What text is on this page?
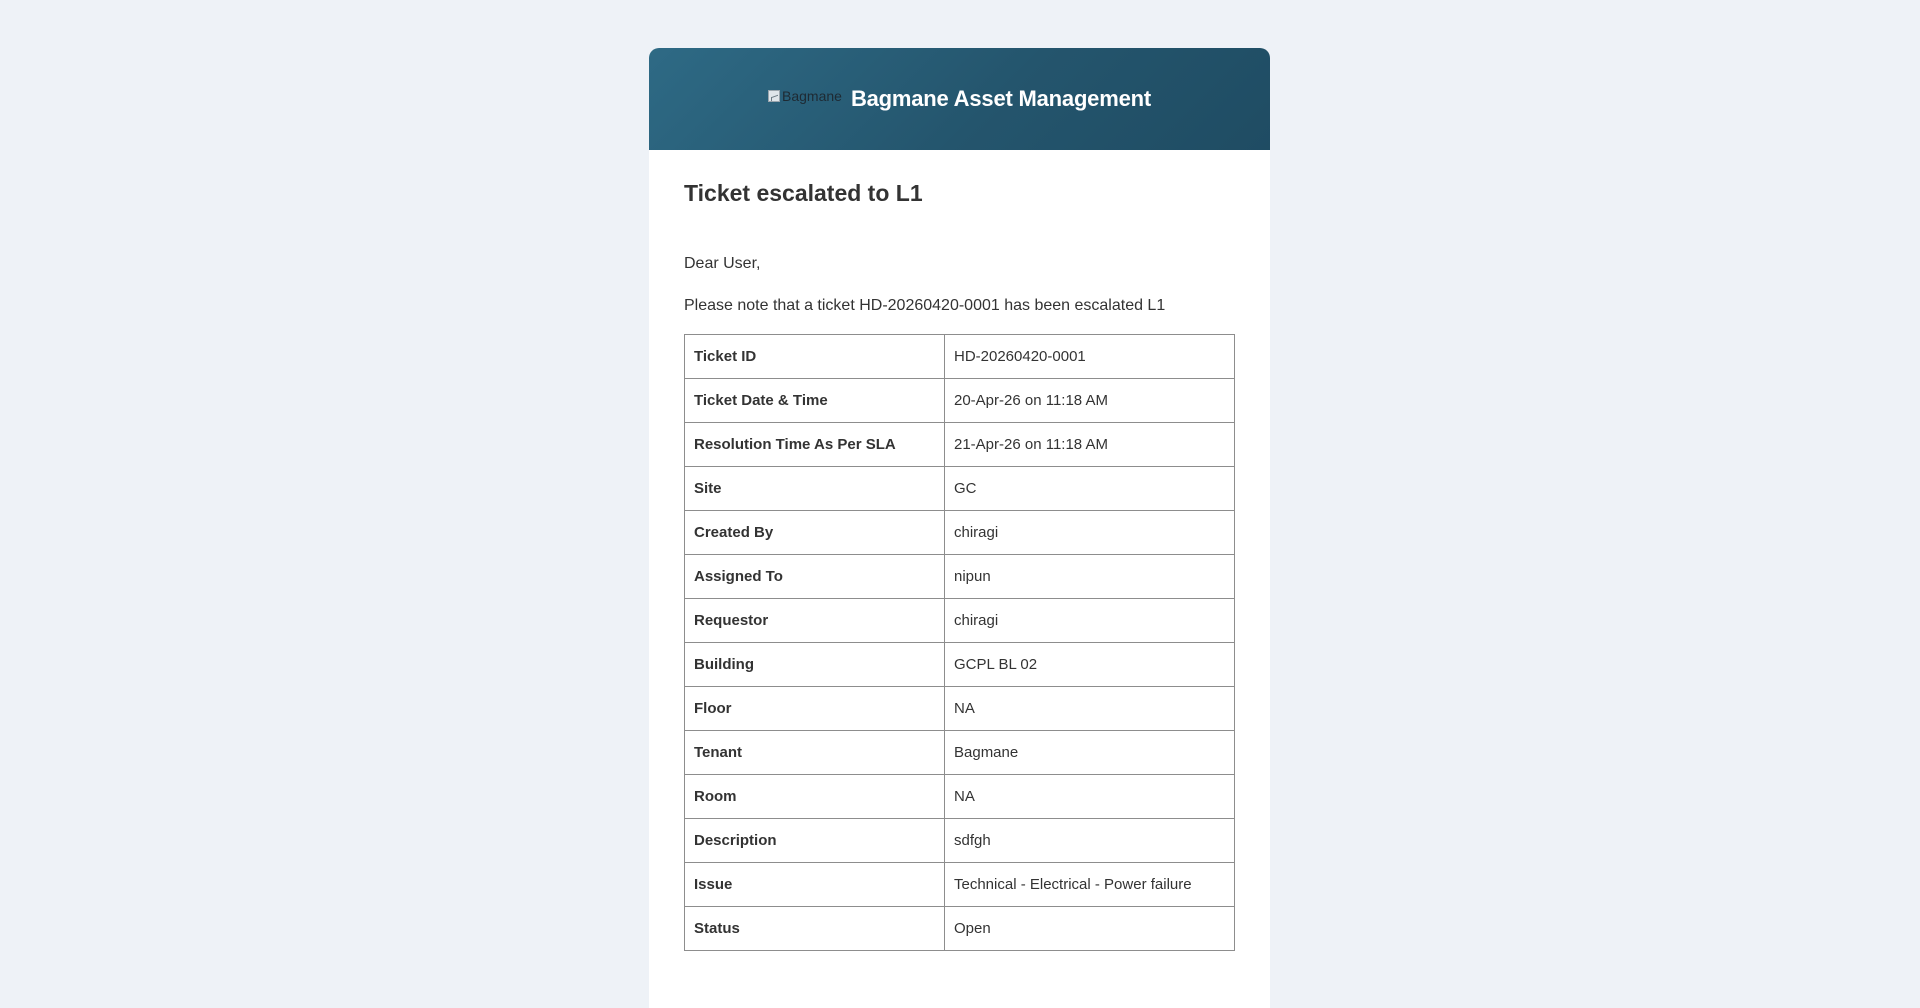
Bagmane Bagmane Asset Management
Ticket escalated to L1
Dear User,
Please note that a ticket HD-20260420-0001 has been escalated L1
Ticket ID	HD-20260420-0001
Ticket Date & Time	20-Apr-26 on 11:18 AM
Resolution Time As Per SLA	21-Apr-26 on 11:18 AM
Site	GC
Created By	chiragi
Assigned To	nipun
Requestor	chiragi
Building	GCPL BL 02
Floor	NA
Tenant	Bagmane
Room	NA
Description	sdfgh
Issue	Technical - Electrical - Power failure
Status	Open
